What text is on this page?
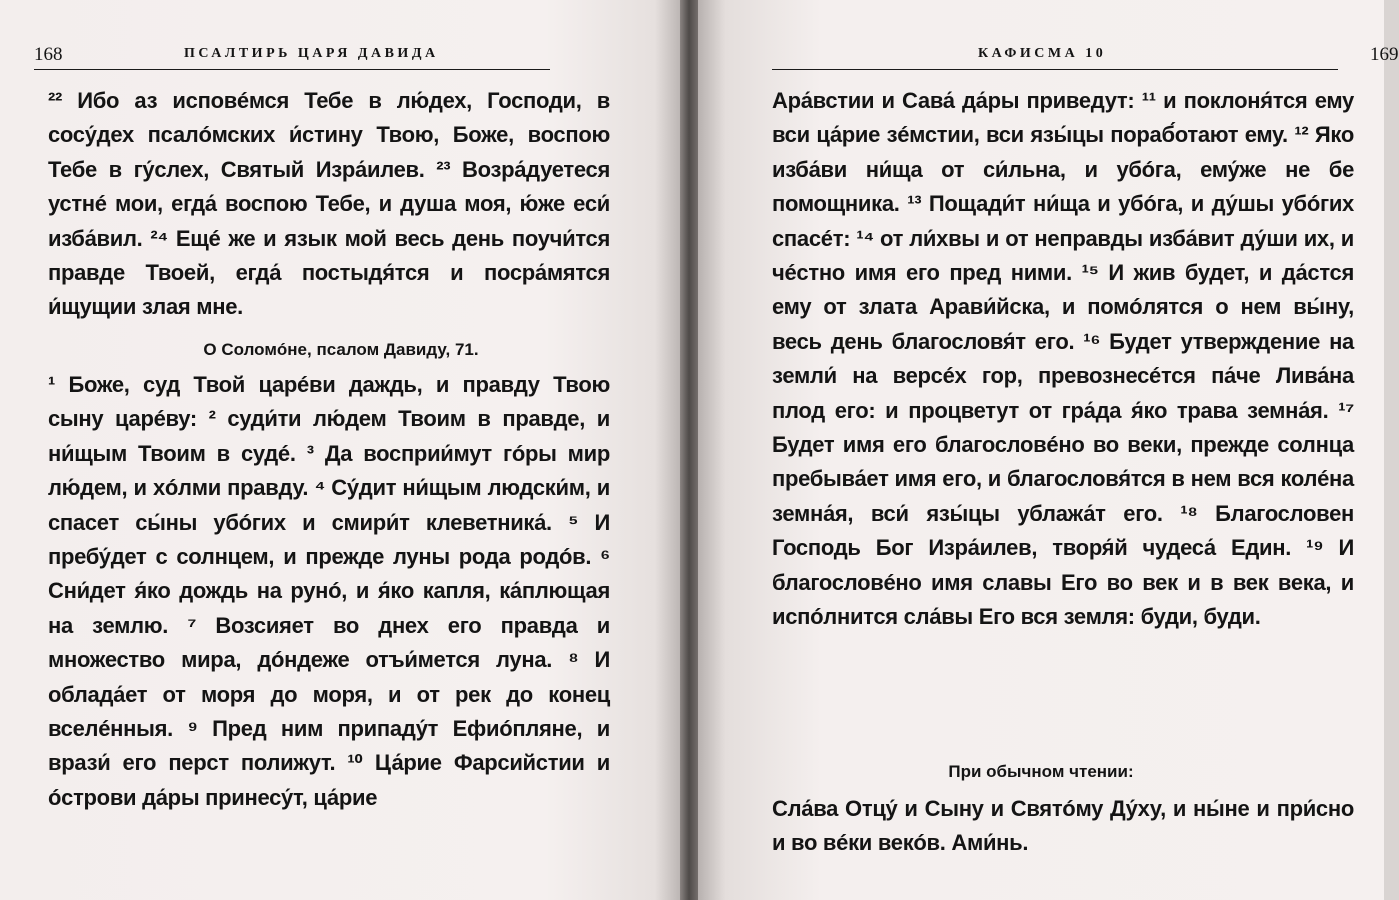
168	ПСАЛТИРЬ ЦАРЯ ДАВИДА
²² Ибо аз исповéмся Тебе в лю́дех, Господи, в сосу́дех псалóмских и́стину Твою, Боже, воспою Тебе в гу́слех, Святый Изра́илев. ²³ Возра́дуетеся устнé мои, егда́ воспою Тебе, и душа моя, ю́же еси́ изба́вил. ²⁴ Ещé же и язык мой весь день поучи́тся правде Твоей, егда́ постыдя́тся и посра́мятся и́щущии злая мне.
О Соломóне, псалом Давиду, 71.
¹ Боже, суд Твой царéви даждь, и правду Твою сыну царéву: ² суди́ти лю́дем Твоим в правде, и ни́щым Твоим в судé. ³ Да восприи́мут гóры мир лю́дем, и хóлми правду. ⁴ Су́дит ни́щым людски́м, и спасет сы́ны убóгих и смири́т клеветника́. ⁵ И пребу́дет с солнцем, и прежде луны рода родóв. ⁶ Сни́дет я́ко дождь на рунó, и я́ко капля, ка́плющая на землю. ⁷ Возсияет во днех его правда и множество мира, дóндеже отъи́мется луна. ⁸ И облада́ет от моря до моря, и от рек до конец вселéнныя. ⁹ Пред ним припаду́т Ефиóпляне, и врази́ его перст полижут. ¹⁰ Ца́рие Фарсийстии и óстрови да́ры принесу́т, ца́рие
КАФИСМА 10	169
Ара́встии и Сава́ да́ры приведут: ¹¹ и поклоня́тся ему вси ца́рие зéмстии, вси язы́цы пораб́отают ему. ¹² Яко изба́ви ни́ща от си́льна, и убóга, ему́же не бе помощника. ¹³ Пощади́т ни́ща и убóга, и ду́шы убóгих спасéт: ¹⁴ от ли́хвы и от неправды изба́вит ду́ши их, и чéстно имя его пред ними. ¹⁵ И жив будет, и да́стся ему от злата Арави́йска, и помóлятся о нем вы́ну, весь день благословя́т его. ¹⁶ Будет утверждение на земли́ на версéх гор, превознесéтся па́че Лива́на плод его: и процветут от гра́да я́ко трава земна́я. ¹⁷ Будет имя его благословéно во веки, прежде солнца пребыва́ет имя его, и благословя́тся в нем вся колéна земна́я, вси́ язы́цы ублажа́т его. ¹⁸ Благословен Господь Бог Изра́илев, творя́й чудеса́ Един. ¹⁹ И благословéно имя славы Его во век и в век века, и испóлнится сла́вы Его вся земля: буди, буди.
При обычном чтении:
Сла́ва Отцу́ и Сыну и Святóму Ду́ху, и ны́не и при́сно и во вéки векóв. Ами́нь.
